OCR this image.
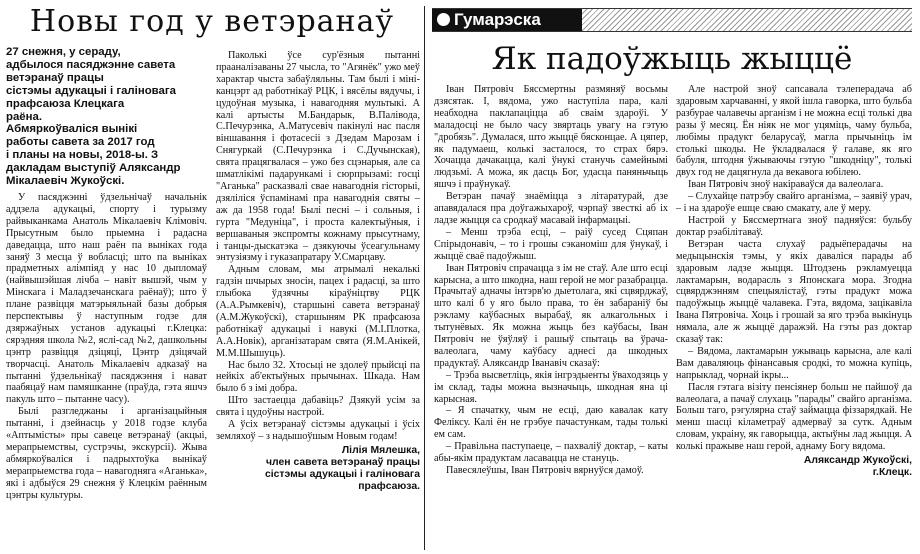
Новы год у ветэранаў
27 снежня, у сераду,
адбылося пасяджэнне савета
ветэранаў працы
сістэмы адукацыі і галіновага
прафсаюза Клецкага
раёна.
Абмяркоўваліся вынікі
работы савета за 2017 год
і планы на новы, 2018-ы. З
дакладам выступіў Аляксандр
Мікалаевіч Жукоўскі.

У пасяджэнні ўдзельнічаў начальнік аддзела адукацыі, спорту і турызму райвыканкама Анатоль Мікалаевіч Клімовіч. Прысутным было прыемна і радасна даведацца, што наш раён па выніках года заняў 3 месца ў вобласці; што па выніках прадметных алімпіяд у нас 10 дыпломаў (найвышэйшая лічба – навіт вышэй, чым у Мінскага і Маладзечанскага раёнаў); што ў плане развіцця матэрыяльнай базы добрыя перспектывы ў наступным годзе для дзяржаўных установ адукацыі г.Клецка: сярэдняя школа №2, яслі-сад №2, дашкольны цэнтр развіцця дзіцяці, Цэнтр дзіцячай творчасці. Анатоль Мікалаевіч адказаў на пытанні ўдзельнікаў пасяджэння і нават паабяцаў нам памяшканне (праўда, гэта яшчэ пакуль што – пытанне часу).

Былі разгледжаны і арганізацыйныя пытанні, і дзейнасць у 2018 годзе клуба «Аптымісты» пры савеце ветэранаў (акцыі, мерапрыемствы, сустрэчы, экскурсіі). Жыва абмяркоўваліся і падрыхтоўка вынікаў мерапрыемства года – навагодняга «Аганька», які і адбыўся 29 снежня ў Клецкім раённым цэнтры культуры.

Паколькі ўсе сур'ёзныя пытанні прааналізаваны 27 чысла, то "Агянёк" ужо меў характар чыста забаўляльны. Там былі і міні-канцэрт ад работнікаў РЦК, і вясёлы вядучы, і цудоўная музыка, і навагодняя мультыкі. А калі артысты М.Бандарык, В.Палівода, С.Печурэнка, А.Матусевіч пакінулі нас пасля віншавання і фотасесіі з Дзедам Марозам і Снягуркай (С.Печурэнка і С.Дучынская), свята працягвалася – ужо без сцэнарыя, але са шматлікімі падарункамі і сюрпрызамі: госці "Аганька" расказвалі свае навагоднія гісторыі, дзяліліся ўспамінамі пра навагоднія святы – аж да 1958 года! Былі песні – і сольныя, і гурта "Медуніца", і проста калектыўныя, і вершаваныя экспромты кожнаму прысутнаму, і танцы-дыскатэка – дзякуючы ўсеагульнаму энтузіязму і гуказапратару У.Смарцаву.

Адным словам, мы атрымалі некалькі гадзін шчырых зносін, пацех і радасці, за што глыбока ўдзячны кіраўніцтву РЦК (А.А.Рымкевіч), старшыні савета ветэранаў (А.М.Жукоўскі), старшыням РК прафсаюза работнікаў адукацыі і навукі (М.І.Плотка, А.А.Новік), арганізатарам свята (Я.М.Анікей, М.М.Шышуць).

Нас было 32. Хтосьці не здолеў прыйсці па нейкіх аб'ектыўных прычынах. Шкада. Нам было б з імі добра.

Што застаецца дабавіць? Дзякуй усім за свята і цудоўны настрой.

А ўсіх ветэранаў сістэмы адукацыі і ўсіх земляхоў – з надышоўшым Новым годам!

Лілія Мялешка,
член савета ветэранаў працы
сістэмы адукацыі і галіновага
прафсаюза.
Гумарэска
Як падоўжыць жыццё

Іван Пятровіч Бяссмертны размяняў восьмы дзясятак. І, вядома, ужо наступіла пара, калі неабходна паклапаціцца аб сваім здароўі. У маладосці не было часу звяртаць увагу на гэтую "дробязь". Думалася, што жыццё бясконцае. А цяпер, як падумаеш, колькі засталося, то страх бярэ. Хочацца дачакацца, калі ўнукі станучь самейнымі людзьмі. А можа, як дасць Бог, удасца паняньчыць яшчэ і праўнукаў.

Ветэран пачаў знаёміцца з літаратурай, дзе апавядалася пра доўгажыхароў, чэрпаў звесткі аб іх ладзе жыцця са сродкаў масавай інфармацыі.

– Менш трэба есці, – раіў сусед Сцяпан Спірыдонавіч, – то і грошы сэканоміш для ўнукаў, і жыццё сваё падоўжыш.

Іван Пятровіч спрачацца з ім не стаў. Але што есці карысна, а што шкодна, наш герой не мог разабрацца. Прачытаў адначы інтэрв'ю дыетолага, які сцвярджаў, што калі б у яго было права, то ён забараніў бы рэкламу каўбасных вырабаў, як алкагольных і тытунёвых. Як можна жыць без каўбасы, Іван Пятровіч не ўяўляў і рашыў спытаць ва ўрача-валеолага, чаму каўбасу аднесі да шкодных прадуктаў. Аляксандр Іванавіч сказаў:

– Трэба высветліць, якія інгрэдыенты ўваходзяць у ім склад, тады можна вызначыць, шкодная яна ці карысная.

– Я спачатку, чым не есці, даю кавалак кату Феліксу. Калі ён не грэбуе пачастункам, тады толькі ем сам.

– Правільна паступаеце, – пахваліў доктар, – каты абы-якім прадуктам ласавацца не стануць.

Павесялеўшы, Іван Пятровіч вярнуўся дамоў.

Але настрой зноў сапсавала тэлеперадача аб здаровым харчаванні, у якой ішла гаворка, што бульба разбурае чалавечы арганізм і не можна есці толькі два разы ў месяц. Ён ніяк не мог уцяміць, чаму бульба, любімы прадукт беларусаў, магла прычыніць ім столькі шкоды. Не ўкладвалася ў галаве, як яго бабуля, штодня ўжываючы гэтую "шкодніцу", толькі двух год не дацягнула да векавога юбілею.

Іван Пятровіч зноў накіраваўся да валеолага.

– Слухайце патрэбу свайго арганізма, – заявіў урач, – і на здароўе ешце сваю смакату, але ў меру.

Настрой у Бяссмертнага зноў падняўся: бульбу доктар рэабілітаваў.

Ветэран часта слухаў радыёперадачы на медыцынскія тэмы, у якіх даваліся парады аб здаровым ладзе жыцця. Штодзень рэкламуецца лактамарын, водарасль з Японскага мора. Згодна сцвярджэнням спецыялістаў, гэты прадукт можа падоўжыць жыццё чалавека. Гэта, вядома, зацікавіла Івана Пятровіча. Хоць і грошай за яго трэба выкінуць нямала, але ж жыццё даражэй. На гэты раз доктар сказаў так:

– Вядома, лактамарын ужываць карысна, але калі Вам даваляюць фінансавыя сродкі, то можна купіць, напрыклад, чорнай ікры...

Пасля гэтага візіту пенсіянер больш не пайшоў да валеолага, а пачаў слухаць "парады" свайго арганізма. Больш таго, рэгулярна стаў займацца фіззарядкай. Не менш шасці кіламетраў адмерваў за сутк. Адным словам, украіну, як гаворыцца, актыўны лад жыцця. А колькі пражыве наш герой, аднаму Богу вядома.

Аляксандр Жукоўскі,
г.Клецк.
